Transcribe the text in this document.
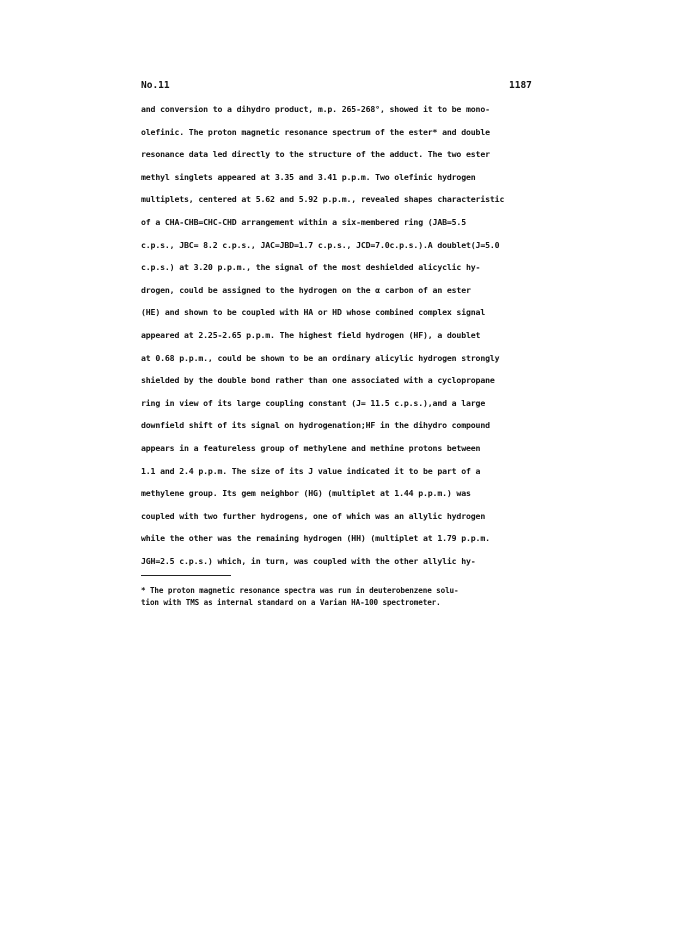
No.11	1187
and conversion to a dihydro product, m.p. 265-268°, showed it to be mono-
olefinic. The proton magnetic resonance spectrum of the ester* and double
resonance data led directly to the structure of the adduct. The two ester
methyl singlets appeared at 3.35 and 3.41 p.p.m. Two olefinic hydrogen
multiplets, centered at 5.62 and 5.92 p.p.m., revealed shapes characteristic
of a CHA-CHB=CHC-CHD arrangement within a six-membered ring (JAB=5.5
c.p.s., JBC= 8.2 c.p.s., JAC=JBD=1.7 c.p.s., JCD=7.0c.p.s.).A doublet(J=5.0
c.p.s.) at 3.20 p.p.m., the signal of the most deshielded alicyclic hy-
drogen, could be assigned to the hydrogen on the α carbon of an ester
(HE) and shown to be coupled with HA or HD whose combined complex signal
appeared at 2.25-2.65 p.p.m. The highest field hydrogen (HF), a doublet
at 0.68 p.p.m., could be shown to be an ordinary alicylic hydrogen strongly
shielded by the double bond rather than one associated with a cyclopropane
ring in view of its large coupling constant (J= 11.5 c.p.s.),and a large
downfield shift of its signal on hydrogenation;HF in the dihydro compound
appears in a featureless group of methylene and methine protons between
1.1 and 2.4 p.p.m. The size of its J value indicated it to be part of a
methylene group. Its gem neighbor (HG) (multiplet at 1.44 p.p.m.) was
coupled with two further hydrogens, one of which was an allylic hydrogen
while the other was the remaining hydrogen (HH) (multiplet at 1.79 p.p.m.
JGH=2.5 c.p.s.) which, in turn, was coupled with the other allylic hy-
* The proton magnetic resonance spectra was run in deuterobenzene solu-
tion with TMS as internal standard on a Varian HA-100 spectrometer.
